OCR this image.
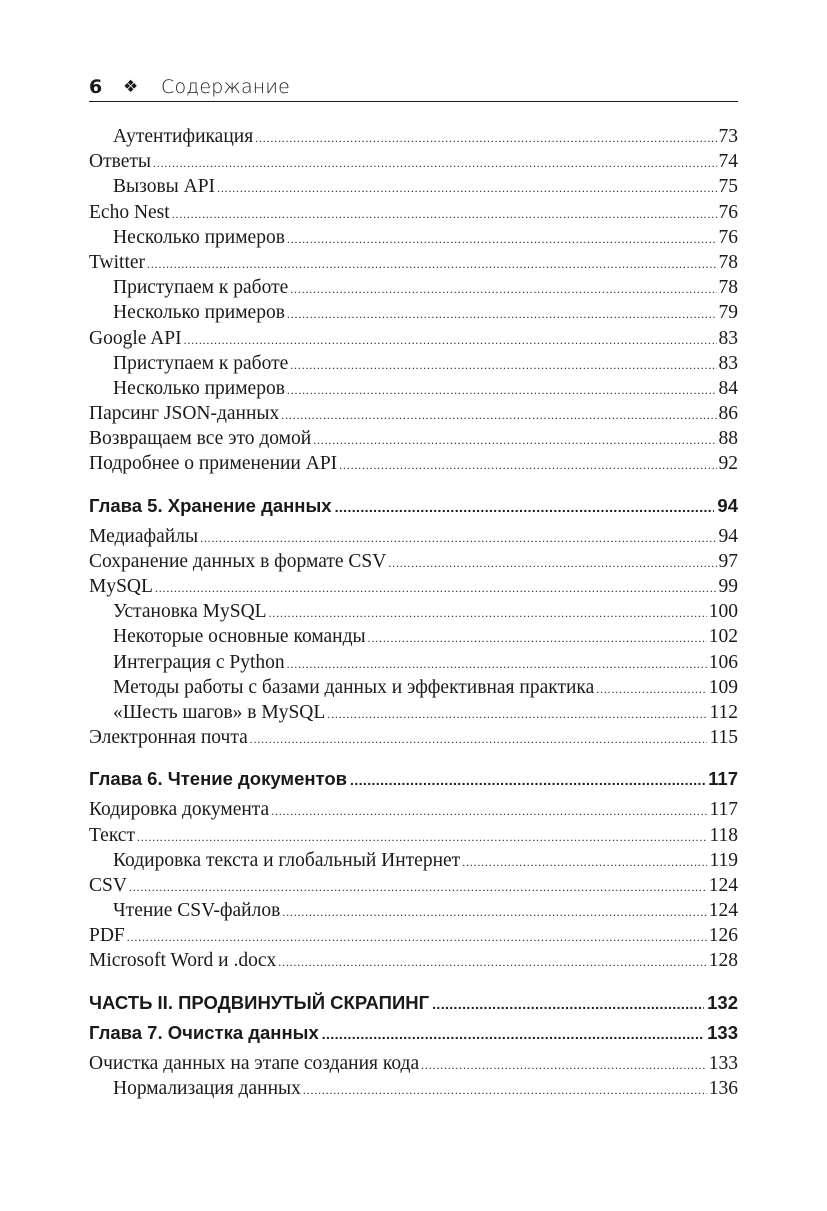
6 ❖ Содержание
Аутентификация .....	73
Ответы .....	74
Вызовы API .....	75
Echo Nest .....	76
Несколько примеров .....	76
Twitter .....	78
Приступаем к работе .....	78
Несколько примеров .....	79
Google API .....	83
Приступаем к работе .....	83
Несколько примеров .....	84
Парсинг JSON-данных .....	86
Возвращаем все это домой .....	88
Подробнее о применении API .....	92
Глава 5. Хранение данных .....	94
Медиафайлы .....	94
Сохранение данных в формате CSV .....	97
MySQL .....	99
Установка MySQL .....	100
Некоторые основные команды .....	102
Интеграция с Python .....	106
Методы работы с базами данных и эффективная практика .....	109
«Шесть шагов» в MySQL .....	112
Электронная почта .....	115
Глава 6. Чтение документов .....	117
Кодировка документа .....	117
Текст .....	118
Кодировка текста и глобальный Интернет .....	119
CSV .....	124
Чтение CSV-файлов .....	124
PDF .....	126
Microsoft Word и .docx .....	128
ЧАСТЬ II. ПРОДВИНУТЫЙ СКРАПИНГ .....	132
Глава 7. Очистка данных .....	133
Очистка данных на этапе создания кода .....	133
Нормализация данных .....	136
